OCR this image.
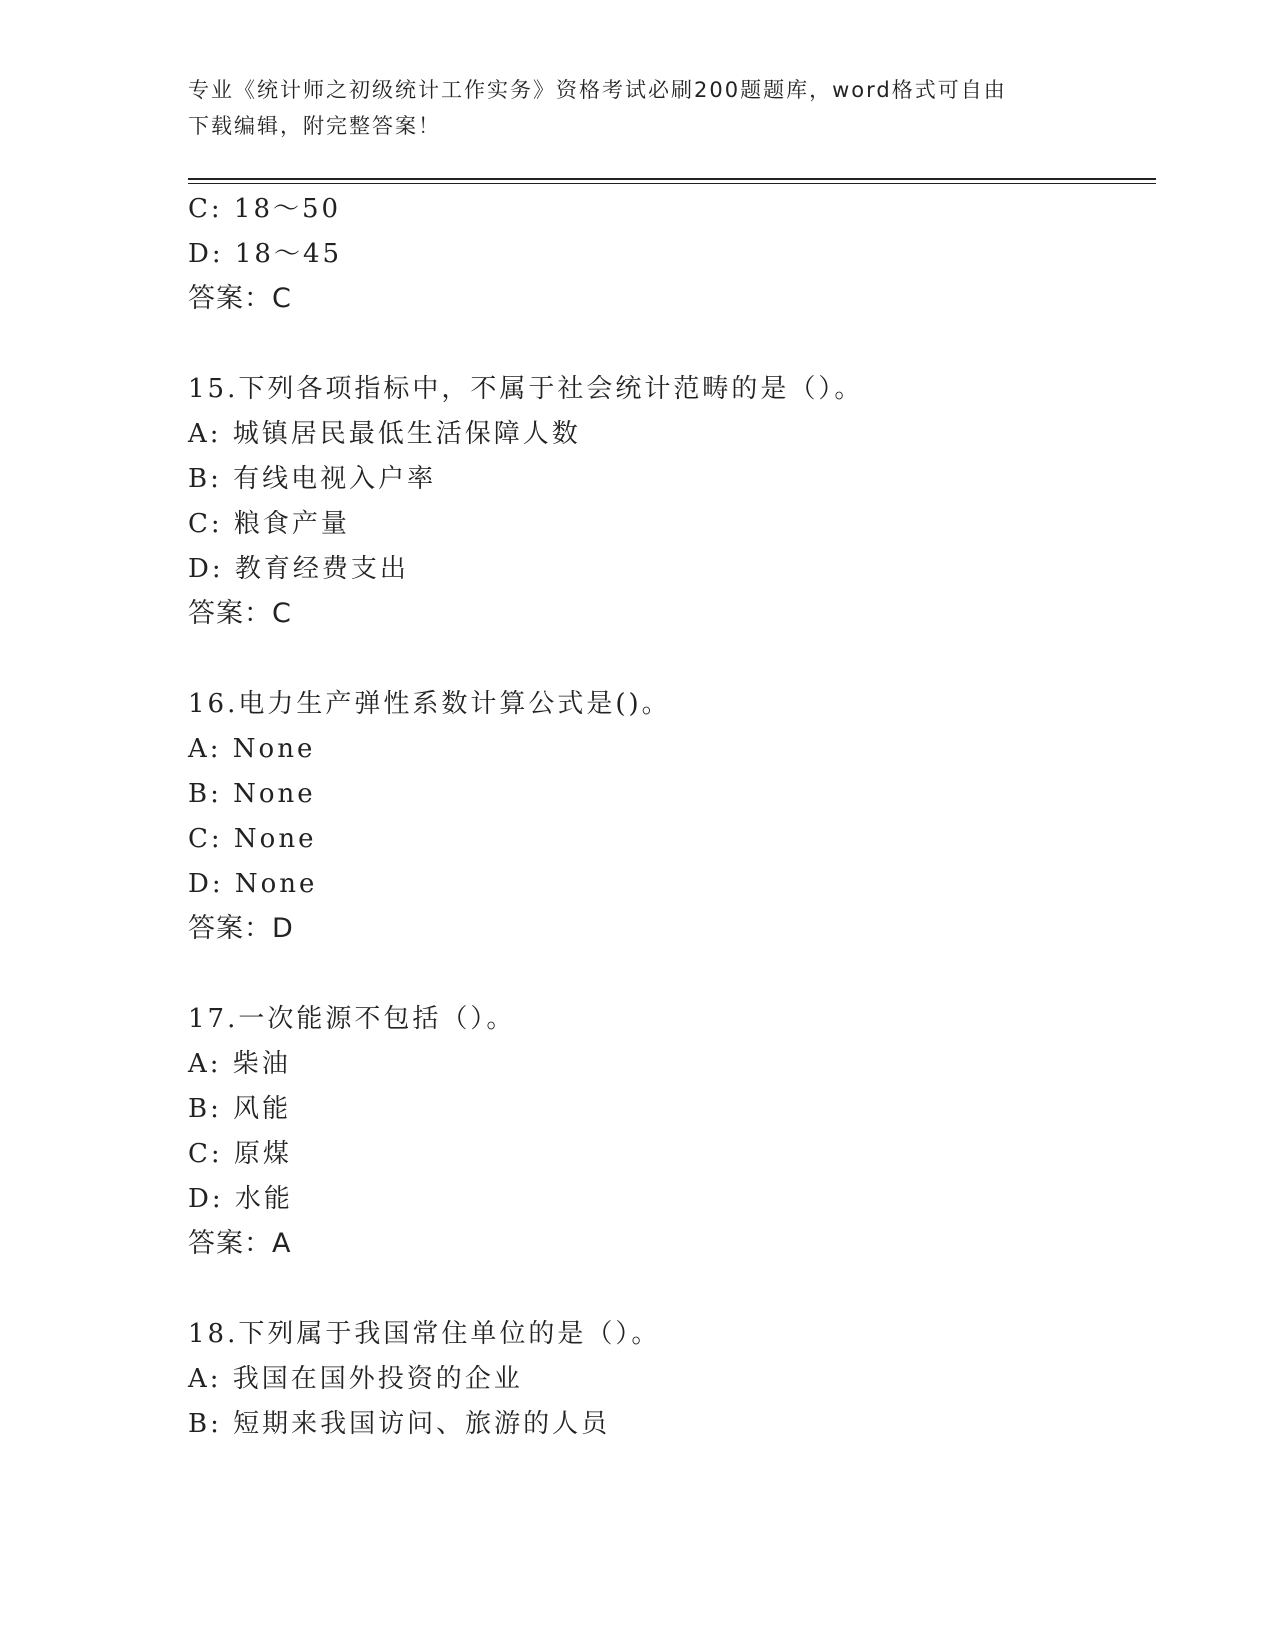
专业《统计师之初级统计工作实务》资格考试必刷200题题库，word格式可自由
下载编辑，附完整答案！
C: 18～50
D: 18～45
答案：C
15.下列各项指标中，不属于社会统计范畴的是（）。
A: 城镇居民最低生活保障人数
B: 有线电视入户率
C: 粮食产量
D: 教育经费支出
答案：C
16.电力生产弹性系数计算公式是()。
A: None
B: None
C: None
D: None
答案：D
17.一次能源不包括（）。
A: 柴油
B: 风能
C: 原煤
D: 水能
答案：A
18.下列属于我国常住单位的是（）。
A: 我国在国外投资的企业
B: 短期来我国访问、旅游的人员
